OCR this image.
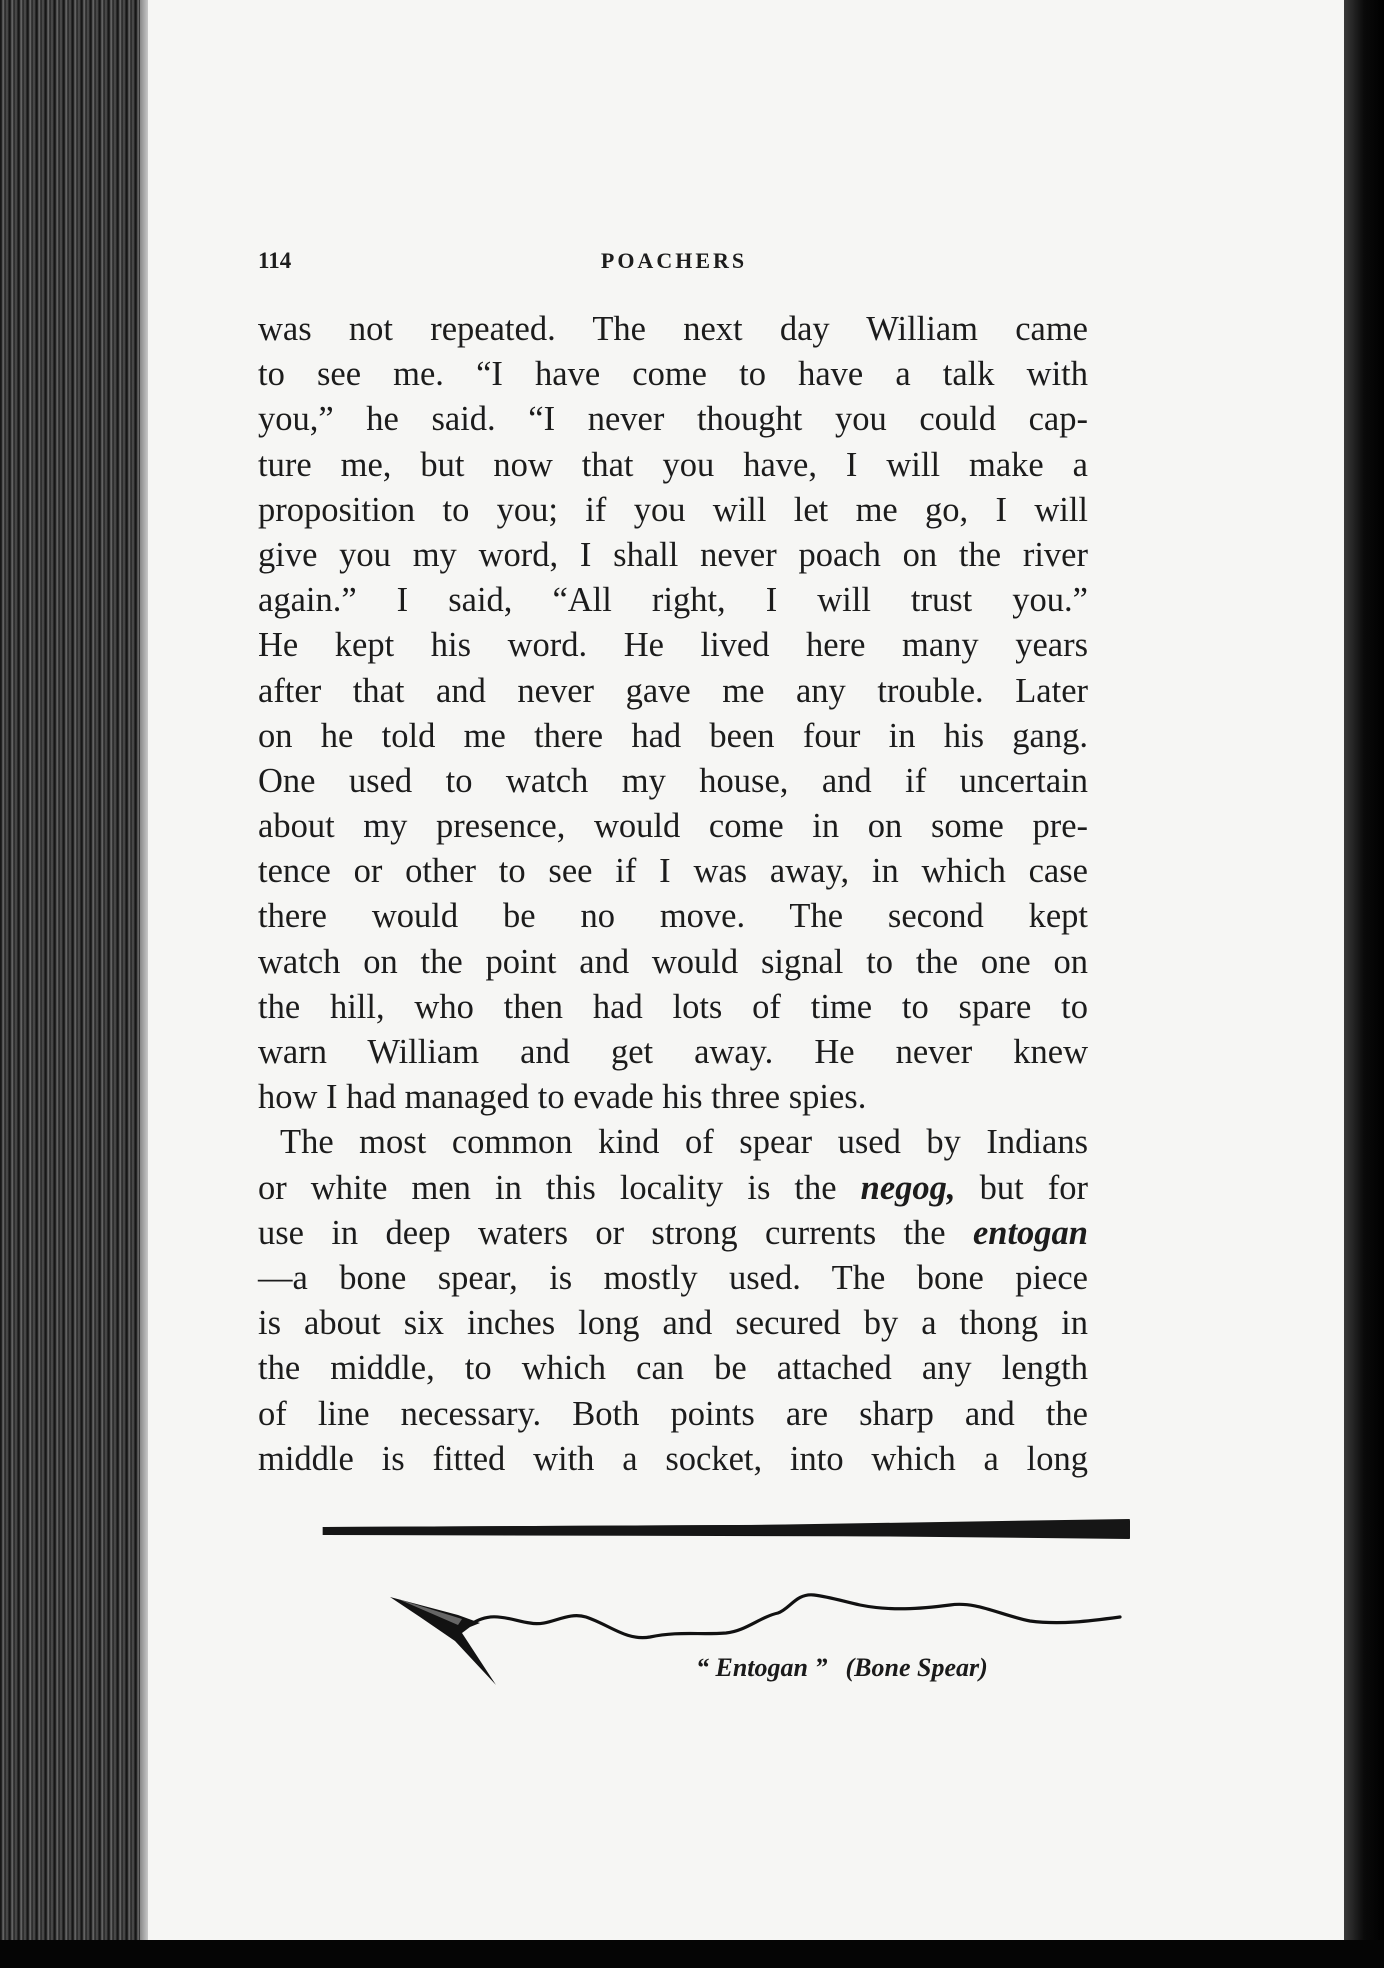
114	POACHERS
was not repeated. The next day William came
to see me. “I have come to have a talk with
you,” he said. “I never thought you could cap-
ture me, but now that you have, I will make a
proposition to you; if you will let me go, I will
give you my word, I shall never poach on the river
again.” I said, “All right, I will trust you.”
He kept his word. He lived here many years
after that and never gave me any trouble. Later
on he told me there had been four in his gang.
One used to watch my house, and if uncertain
about my presence, would come in on some pre-
tence or other to see if I was away, in which case
there would be no move. The second kept
watch on the point and would signal to the one on
the hill, who then had lots of time to spare to
warn William and get away. He never knew
how I had managed to evade his three spies.
The most common kind of spear used by Indians
or white men in this locality is the negog, but for
use in deep waters or strong currents the entogan
—a bone spear, is mostly used. The bone piece
is about six inches long and secured by a thong in
the middle, to which can be attached any length
of line necessary. Both points are sharp and the
middle is fitted with a socket, into which a long
“ Entogan ” (Bone Spear)
